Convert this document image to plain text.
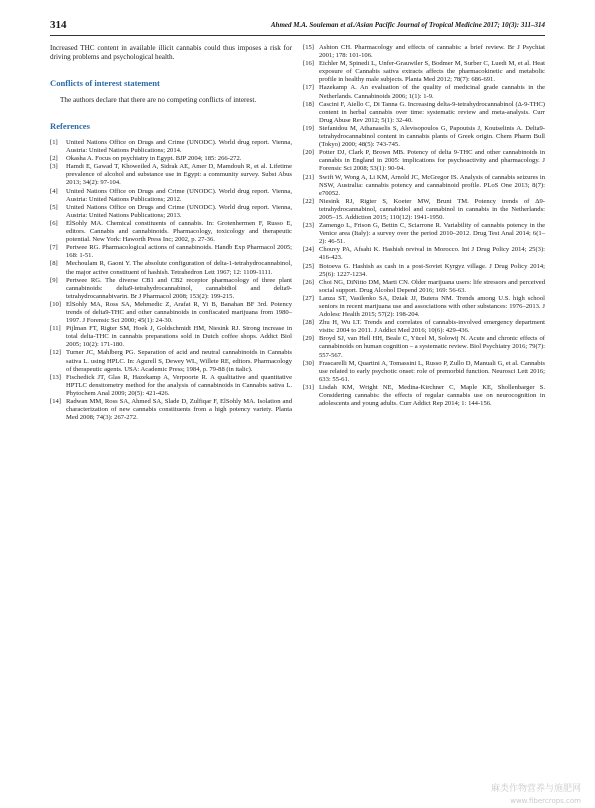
314	Ahmed M.A. Souleman et al./Asian Pacific Journal of Tropical Medicine 2017; 10(3): 311–314

Increased THC content in available illicit cannabis could thus imposes a risk for driving problems and psychological health.

Conflicts of interest statement

The authors declare that there are no competing conflicts of interest.

References
[1]	United Nations Office on Drugs and Crime (UNODC). World drug report. Vienna, Austria: United Nations Publications; 2014.
[2]	Okasha A. Focus on psychiatry in Egypt. BJP 2004; 185: 266-272.
[3]	Hamdi E, Gawad T, Khoweiled A, Sidrak AE, Amer D, Mamdouh R, et al. Lifetime prevalence of alcohol and substance use in Egypt: a community survey. Subst Abus 2013; 34(2): 97-104.
[4]	United Nations Office on Drugs and Crime (UNODC). World drug report. Vienna, Austria: United Nations Publications; 2012.
[5]	United Nations Office on Drugs and Crime (UNODC). World drug report. Vienna, Austria: United Nations Publications; 2013.
[6]	ElSohly MA. Chemical constituents of cannabis. In: Grotenhermen F, Russo E, editors. Cannabis and cannabinoids. Pharmacology, toxicology and therapeutic potential. New York: Haworth Press Inc; 2002, p. 27-36.
[7]	Pertwee RG. Pharmacological actions of cannabinoids. Handb Exp Pharmacol 2005; 168: 1-51.
[8]	Mechoulam R, Gaoni Y. The absolute configuration of delta-1-tetrahydrocannabinol, the major active constituent of hashish. Tetrahedron Lett 1967; 12: 1109-1111.
[9]	Pertwee RG. The diverse CB1 and CB2 receptor pharmacology of three plant cannabinoids: delta9-tetrahydrocannabinol, cannabidiol and delta9-tetrahydrocannabivarin. Br J Pharmacol 2008; 153(2): 199-215.
[10] ElSohly MA, Ross SA, Mehmedic Z, Arafat R, Yi B, Banahan BF 3rd. Potency trends of delta9-THC and other cannabinoids in confiscated marijuana from 1980–1997. J Forensic Sci 2000; 45(1): 24-30.
[11] Pijlman FT, Rigter SM, Hoek J, Goldschmidt HM, Niesink RJ. Strong increase in total delta-THC in cannabis preparations sold in Dutch coffee shops. Addict Biol 2005; 10(2): 171-180.
[12] Turner JC, Mahlberg PG. Separation of acid and neutral cannabinoids in Cannabis sativa L. using HPLC. In: Agurell S, Dewey WL, Willete RE, editors. Pharmacology of therapeutic agents. USA: Academic Press; 1984, p. 79-88 (in italic).
[13] Fischedick JT, Glas R, Hazekamp A, Verpoorte R. A qualitative and quantitative HPTLC densitometry method for the analysis of cannabinoids in Cannabis sativa L. Phytochem Anal 2009; 20(5): 421-426.
[14] Radwan MM, Ross SA, Ahmed SA, Slade D, Zulfiqar F, ElSohly MA. Isolation and characterization of new cannabis constituents from a high potency variety. Planta Med 2008; 74(3): 267-272.
[15] Ashton CH. Pharmacology and effects of cannabis: a brief review. Br J Psychiat 2001; 178: 101-106.
[16] Eichler M, Spinedi L, Unfer-Grauwiler S, Bodmer M, Surber C, Luedi M, et al. Heat exposure of Cannabis sativa extracts affects the pharmacokinetic and metabolic profile in healthy male subjects. Planta Med 2012; 78(7): 686-691.
[17] Hazekamp A. An evaluation of the quality of medicinal grade cannabis in the Netherlands. Cannabinoids 2006; 1(1): 1-9.
[18] Cascini F, Aiello C, Di Tanna G. Increasing delta-9-tetrahydrocannabinol (Δ-9-THC) content in herbal cannabis over time: systematic review and meta-analysis. Curr Drug Abuse Rev 2012; 5(1): 32-40.
[19] Stefanidou M, Athanaselis S, Alevisopoulos G, Papoutsis J, Koutselinis A. Delta9-tetrahydrocannabinol content in cannabis plants of Greek origin. Chem Pharm Bull (Tokyo) 2000; 48(5): 743-745.
[20] Potter DJ, Clark P, Brown MB. Potency of delta 9-THC and other cannabinoids in cannabis in England in 2005: implications for psychoactivity and pharmacology. J Forensic Sci 2008; 53(1): 90-94.
[21] Swift W, Wong A, Li KM, Arnold JC, McGregor IS. Analysis of cannabis seizures in NSW, Australia: cannabis potency and cannabinoid profile. PLoS One 2013; 8(7): e70052.
[22] Niesink RJ, Rigter S, Koeter MW, Brunt TM. Potency trends of Δ9-tetrahydrocannabinol, cannabidiol and cannabinol in cannabis in the Netherlands: 2005–15. Addiction 2015; 110(12): 1941-1950.
[23] Zamengo L, Frison G, Bettin C, Sciarrone R. Variability of cannabis potency in the Venice area (Italy): a survey over the period 2010–2012. Drug Test Anal 2014; 6(1–2): 46-51.
[24] Chouvy PA, Afsahi K. Hashish revival in Morocco. Int J Drug Policy 2014; 25(3): 416-423.
[25] Botoeva G. Hashish as cash in a post-Soviet Kyrgyz village. J Drug Policy 2014; 25(6): 1227-1234.
[26] Choi NG, DiNitto DM, Marti CN. Older marijuana users: life stressors and perceived social support. Drug Alcohol Depend 2016; 169: 56-63.
[27] Lanza ST, Vasilenko SA, Dziak JJ, Butera NM. Trends among U.S. high school seniors in recent marijuana use and associations with other substances: 1976–2013. J Adolesc Health 2015; 57(2): 198-204.
[28] Zhu H, Wu LT. Trends and correlates of cannabis-involved emergency department visits: 2004 to 2011. J Addict Med 2016; 10(6): 429-436.
[29] Broyd SJ, van Hell HH, Beale C, Yücel M, Solowij N. Acute and chronic effects of cannabinoids on human cognition – a systematic review. Biol Psychiatry 2016; 79(7): 557-567.
[30] Frascarelli M, Quartini A, Tomassini L, Russo P, Zullo D, Manuali G, et al. Cannabis use related to early psychotic onset: role of premorbid function. Neurosci Lett 2016; 633: 55-61.
[31] Lisdah KM, Wright NE, Medina-Kirchner C, Maple KE, Shollenbarger S. Considering cannabis: the effects of regular cannabis use on neurocognition in adolescents and young adults. Curr Addict Rep 2014; 1: 144-156.
麻类作物营养与施肥网
www.fibercrops.com
